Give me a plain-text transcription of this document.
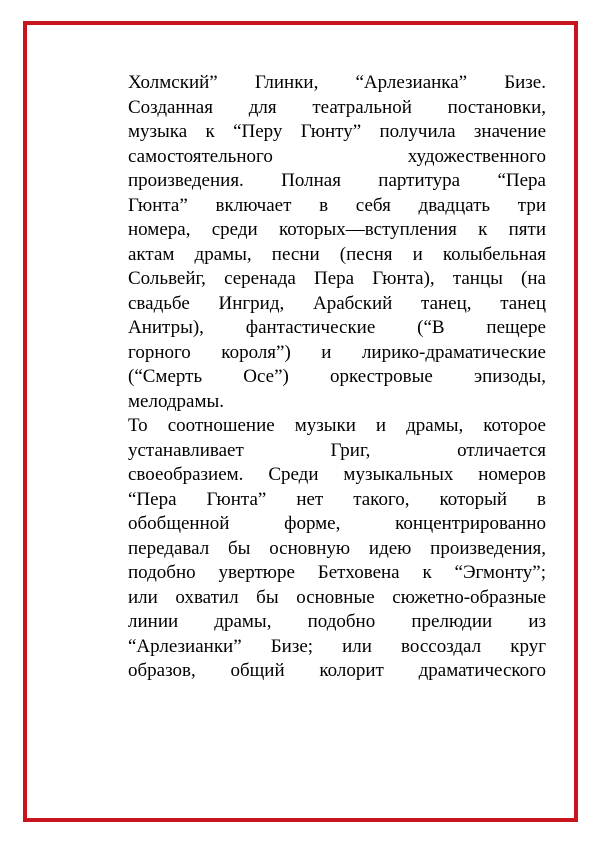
Холмский” Глинки, “Арлезианка” Бизе.
Созданная для театральной постановки,
музыка к “Перу Гюнту” получила значение
самостоятельного художественного
произведения. Полная партитура “Пера
Гюнта” включает в себя двадцать три
номера, среди которых—вступления к пяти
актам драмы, песни (песня и колыбельная
Сольвейг, серенада Пера Гюнта), танцы (на
свадьбе Ингрид, Арабский танец, танец
Анитры), фантастические (“В пещере
горного короля”) и лирико-драматические
(“Смерть Осе”) оркестровые эпизоды,
мелодрамы.
То соотношение музыки и драмы, которое
устанавливает Григ, отличается
своеобразием. Среди музыкальных номеров
“Пера Гюнта” нет такого, который в
обобщенной форме, концентрированно
передавал бы основную идею произведения,
подобно увертюре Бетховена к “Эгмонту”;
или охватил бы основные сюжетно-образные
линии драмы, подобно прелюдии из
“Арлезианки” Бизе; или воссоздал круг
образов, общий колорит драматического
